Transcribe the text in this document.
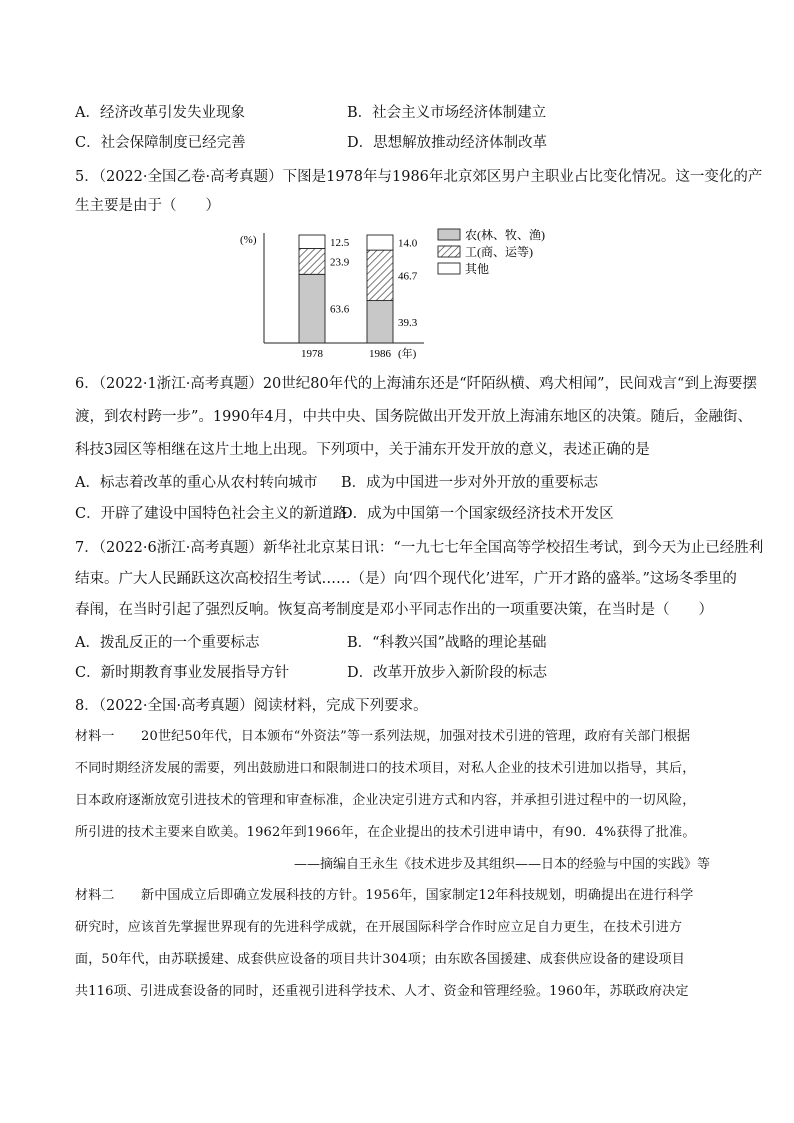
A．经济改革引发失业现象	B．社会主义市场经济体制建立
C．社会保障制度已经完善	D．思想解放推动经济体制改革
5．（2022·全国乙卷·高考真题）下图是1978年与1986年北京郊区男户主职业占比变化情况。这一变化的产
生主要是由于（　　）
(%)
63.6
23.9
12.5
1978
39.3
46.7
14.0
1986 (年)
农(林、牧、渔)
工(商、运等)
其他
6．（2022·1浙江·高考真题）20世纪80年代的上海浦东还是“阡陌纵横、鸡犬相闻”，民间戏言“到上海要摆
渡，到农村跨一步”。1990年4月，中共中央、国务院做出开发开放上海浦东地区的决策。随后，金融街、
科技3园区等相继在这片土地上出现。下列项中，关于浦东开发开放的意义，表述正确的是
A．标志着改革的重心从农村转向城市 B．成为中国进一步对外开放的重要标志
C．开辟了建设中国特色社会主义的新道路
D．成为中国第一个国家级经济技术开发区
7．（2022·6浙江·高考真题）新华社北京某日讯：“一九七七年全国高等学校招生考试，到今天为止已经胜利
结束。广大人民踊跃这次高校招生考试……（是）向‘四个现代化’进军，广开才路的盛举。”这场冬季里的
春闱，在当时引起了强烈反响。恢复高考制度是邓小平同志作出的一项重要决策，在当时是（　　）
A．拨乱反正的一个重要标志	B．“科教兴国”战略的理论基础
C．新时期教育事业发展指导方针	D．改革开放步入新阶段的标志
8．（2022·全国·高考真题）阅读材料，完成下列要求。
材料一　　20世纪50年代，日本颁布“外资法”等一系列法规，加强对技术引进的管理，政府有关部门根据
不同时期经济发展的需要，列出鼓励进口和限制进口的技术项目，对私人企业的技术引进加以指导，其后，
日本政府逐渐放宽引进技术的管理和审查标准，企业决定引进方式和内容，并承担引进过程中的一切风险，
所引进的技术主要来自欧美。1962年到1966年，在企业提出的技术引进申请中，有90．4%获得了批准。
——摘编自王永生《技术进步及其组织——日本的经验与中国的实践》等
材料二　　新中国成立后即确立发展科技的方针。1956年，国家制定12年科技规划，明确提出在进行科学
研究时，应该首先掌握世界现有的先进科学成就，在开展国际科学合作时应立足自力更生，在技术引进方
面，50年代，由苏联援建、成套供应设备的项目共计304项；由东欧各国援建、成套供应设备的建设项目
共116项、引进成套设备的同时，还重视引进科学技术、人才、资金和管理经验。1960年，苏联政府决定
